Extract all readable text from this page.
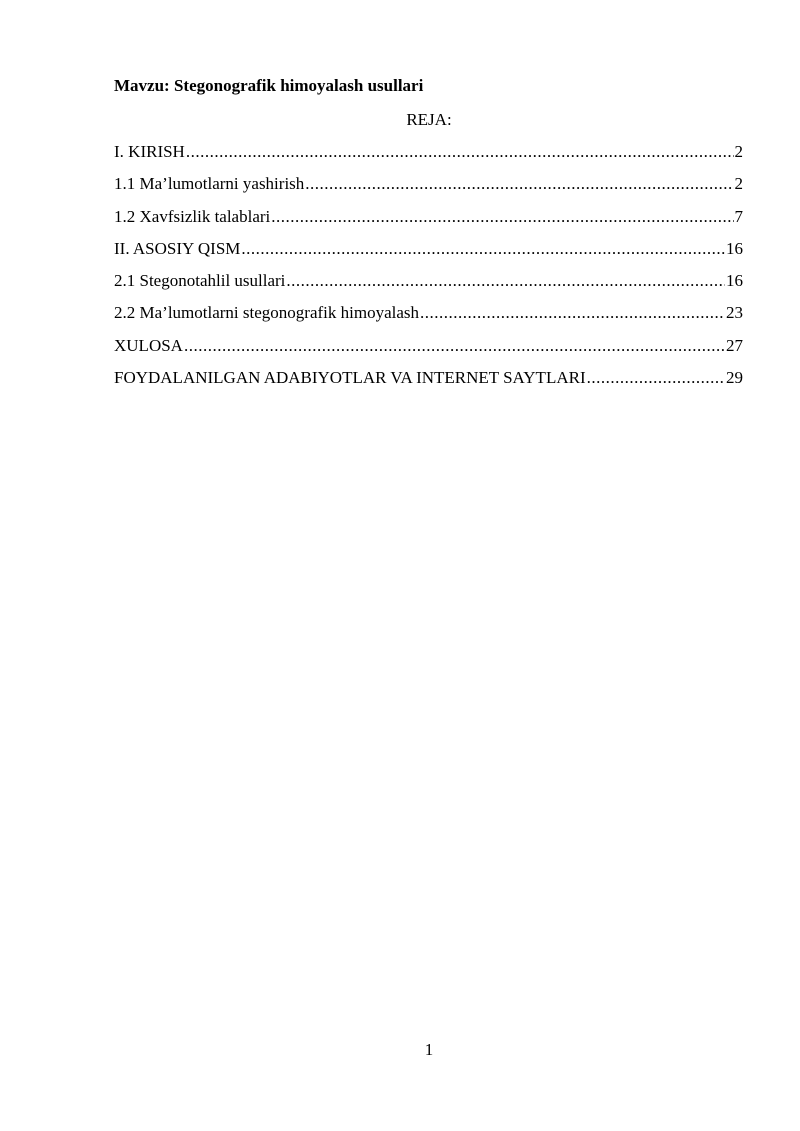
Mavzu: Stegonografik himoyalash usullari
REJA:
I. KIRISH .....	2
1.1 Ma’lumotlarni yashirish .....	2
1.2 Xavfsizlik talablari .....	7
II. ASOSIY QISM .....	16
2.1 Stegonotahlil usullari .....	16
2.2 Ma’lumotlarni stegonografik himoyalash .....	23
XULOSA .....	27
FOYDALANILGAN ADABIYOTLAR VA INTERNET SAYTLARI .....	29
1
